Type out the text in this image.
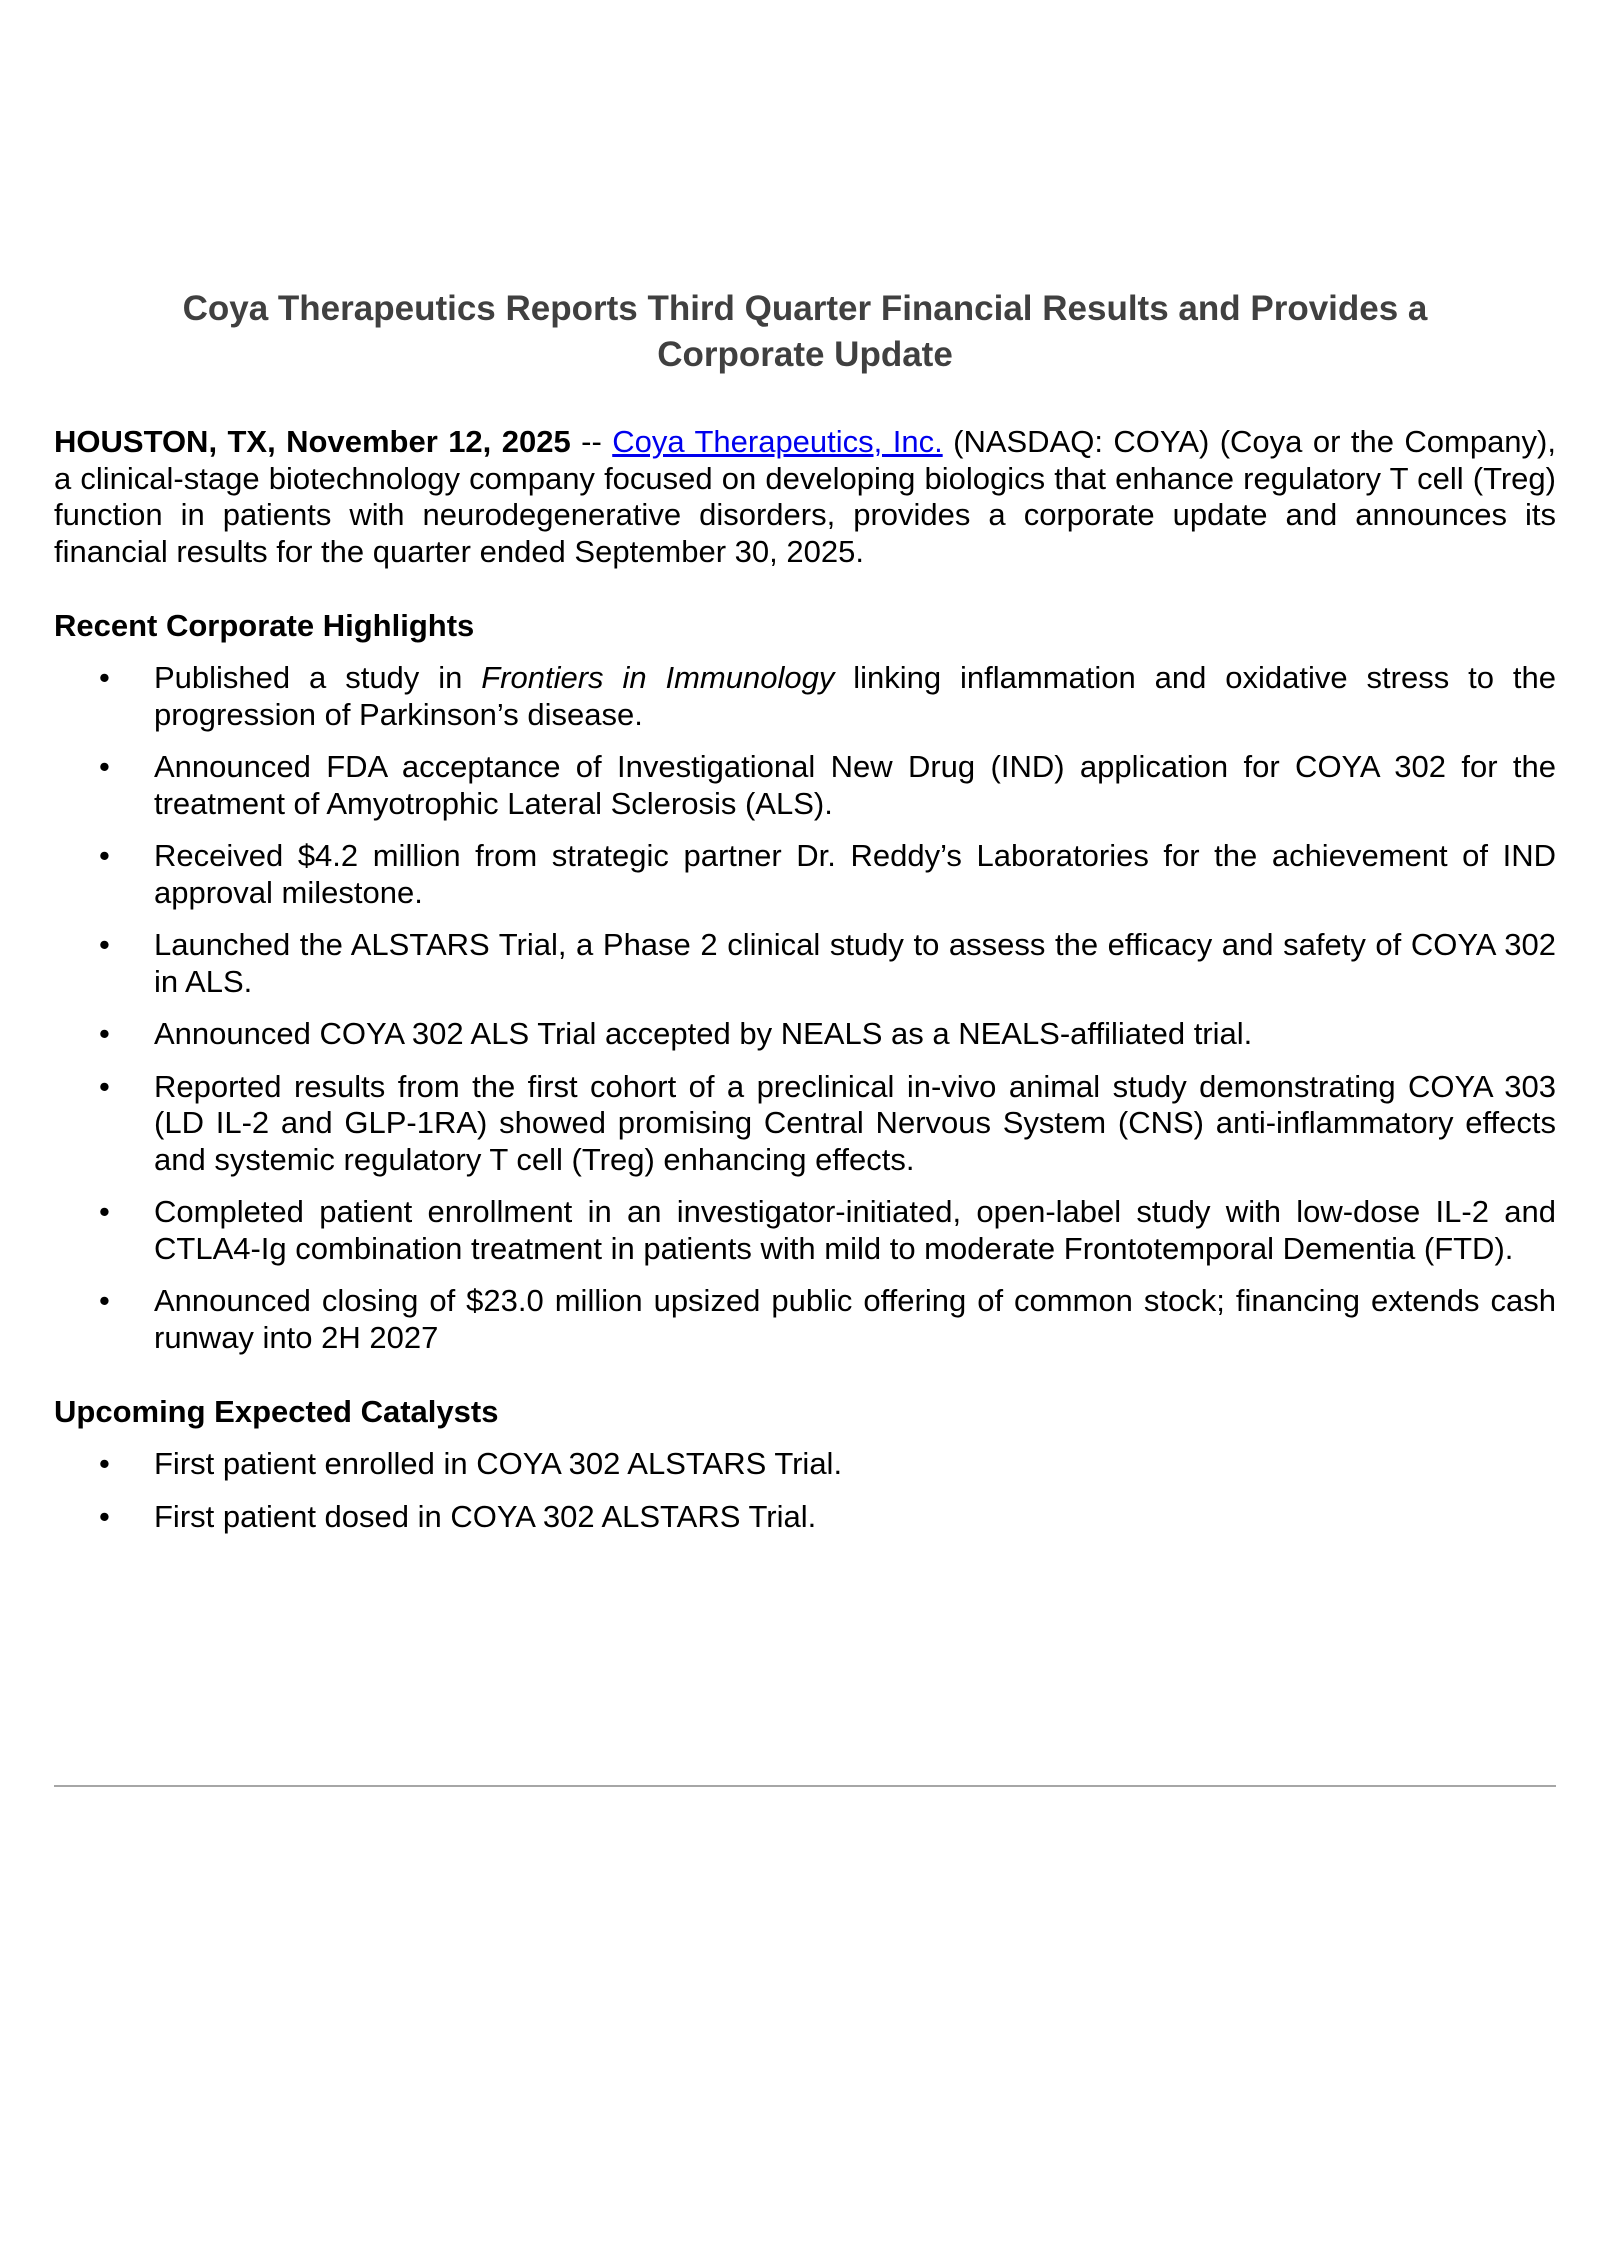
Coya Therapeutics Reports Third Quarter Financial Results and Provides a
Corporate Update

HOUSTON, TX, November 12, 2025 -- Coya Therapeutics, Inc. (NASDAQ: COYA) (Coya or the Company), a clinical-stage biotechnology company focused on developing biologics that enhance regulatory T cell (Treg) function in patients with neurodegenerative disorders, provides a corporate update and announces its financial results for the quarter ended September 30, 2025.

Recent Corporate Highlights
• Published a study in Frontiers in Immunology linking inflammation and oxidative stress to the progression of Parkinson’s disease.
• Announced FDA acceptance of Investigational New Drug (IND) application for COYA 302 for the treatment of Amyotrophic Lateral Sclerosis (ALS).
• Received $4.2 million from strategic partner Dr. Reddy’s Laboratories for the achievement of IND approval milestone.
• Launched the ALSTARS Trial, a Phase 2 clinical study to assess the efficacy and safety of COYA 302 in ALS.
• Announced COYA 302 ALS Trial accepted by NEALS as a NEALS-affiliated trial.
• Reported results from the first cohort of a preclinical in-vivo animal study demonstrating COYA 303 (LD IL-2 and GLP-1RA) showed promising Central Nervous System (CNS) anti-inflammatory effects and systemic regulatory T cell (Treg) enhancing effects.
• Completed patient enrollment in an investigator-initiated, open-label study with low-dose IL-2 and CTLA4-Ig combination treatment in patients with mild to moderate Frontotemporal Dementia (FTD).
• Announced closing of $23.0 million upsized public offering of common stock; financing extends cash runway into 2H 2027
Upcoming Expected Catalysts
• First patient enrolled in COYA 302 ALSTARS Trial.
• First patient dosed in COYA 302 ALSTARS Trial.
